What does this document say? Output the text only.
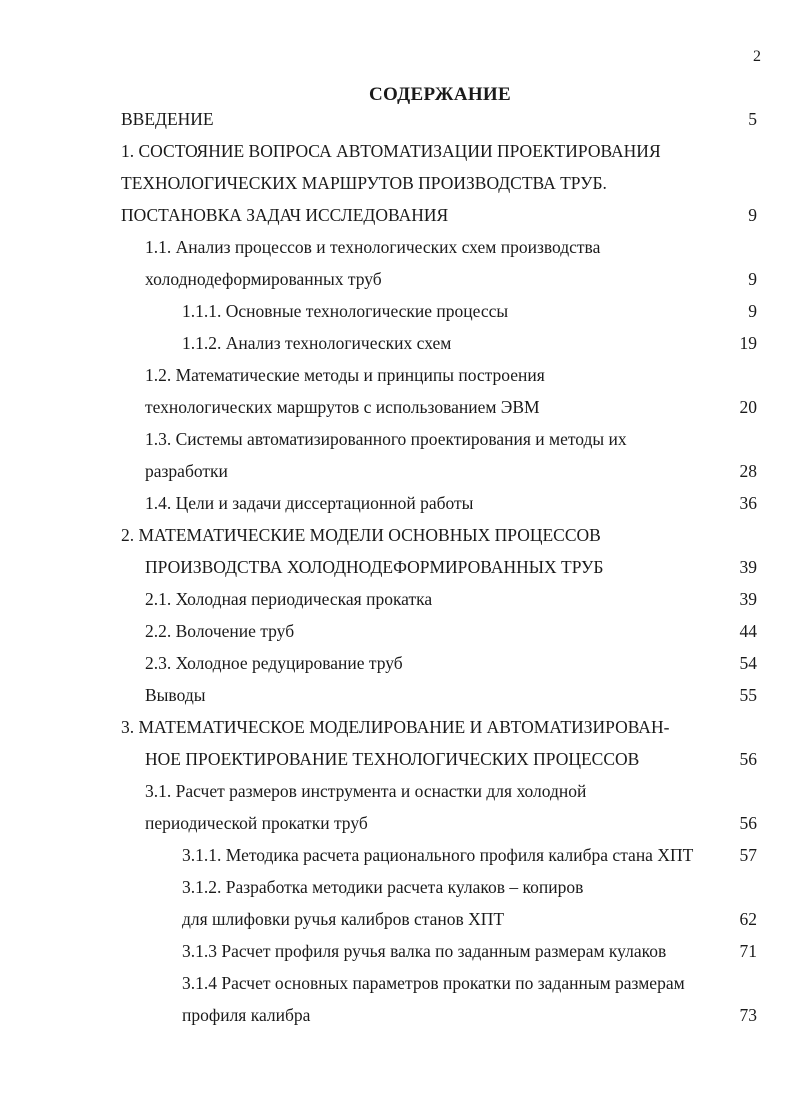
2
СОДЕРЖАНИЕ
ВВЕДЕНИЕ	5
1. СОСТОЯНИЕ ВОПРОСА АВТОМАТИЗАЦИИ ПРОЕКТИРОВАНИЯ
ТЕХНОЛОГИЧЕСКИХ МАРШРУТОВ ПРОИЗВОДСТВА ТРУБ.
ПОСТАНОВКА ЗАДАЧ ИССЛЕДОВАНИЯ	9
1.1. Анализ процессов и технологических схем производства
холоднодеформированных труб	9
1.1.1. Основные технологические процессы	9
1.1.2. Анализ технологических схем	19
1.2. Математические методы и принципы построения
технологических маршрутов с использованием ЭВМ	20
1.3. Системы автоматизированного проектирования и методы их
разработки	28
1.4. Цели и задачи диссертационной работы	36
2. МАТЕМАТИЧЕСКИЕ МОДЕЛИ ОСНОВНЫХ ПРОЦЕССОВ
ПРОИЗВОДСТВА ХОЛОДНОДЕФОРМИРОВАННЫХ ТРУБ	39
2.1. Холодная периодическая прокатка	39
2.2. Волочение труб	44
2.3. Холодное редуцирование труб	54
Выводы	55
3. МАТЕМАТИЧЕСКОЕ МОДЕЛИРОВАНИЕ И АВТОМАТИЗИРОВАН-
НОЕ ПРОЕКТИРОВАНИЕ ТЕХНОЛОГИЧЕСКИХ ПРОЦЕССОВ	56
3.1. Расчет размеров инструмента и оснастки для холодной
периодической прокатки труб	56
3.1.1. Методика расчета рационального профиля калибра стана ХПТ	57
3.1.2. Разработка методики расчета кулаков – копиров
для шлифовки ручья калибров станов ХПТ	62
3.1.3 Расчет профиля ручья валка по заданным размерам кулаков	71
3.1.4 Расчет основных параметров прокатки по заданным размерам
профиля калибра	73
